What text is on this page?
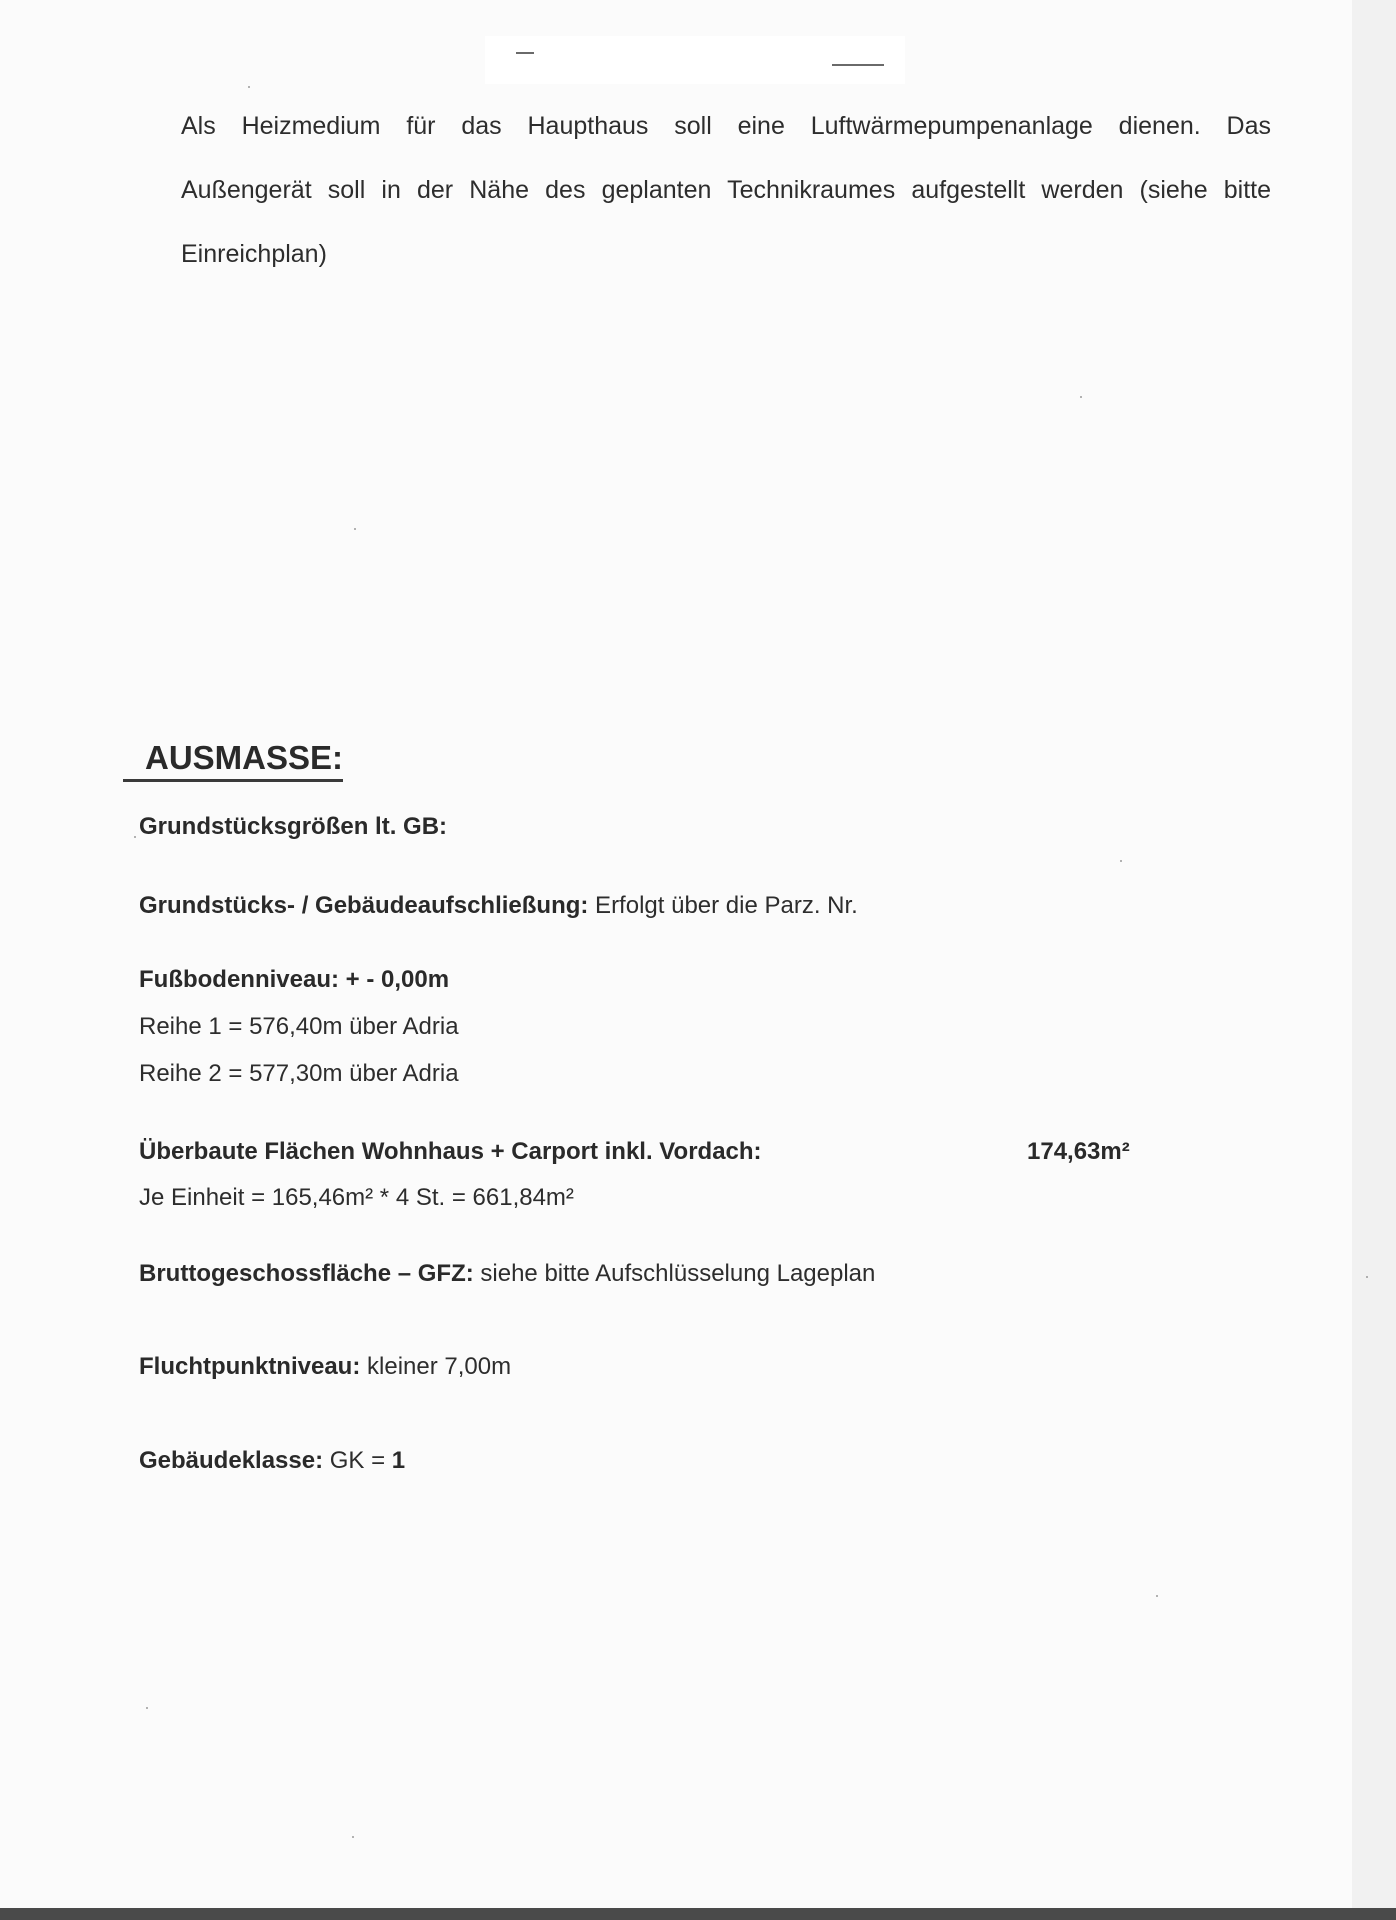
Als Heizmedium für das Haupthaus soll eine Luftwärmepumpenanlage dienen. Das
Außengerät soll in der Nähe des geplanten Technikraumes aufgestellt werden (siehe bitte
Einreichplan)
AUSMASSE:
Grundstücksgrößen lt. GB:
Grundstücks- / Gebäudeaufschließung: Erfolgt über die Parz. Nr.
Fußbodenniveau: + - 0,00m
Reihe 1 = 576,40m über Adria
Reihe 2 = 577,30m über Adria
Überbaute Flächen Wohnhaus + Carport inkl. Vordach:	174,63m²
Je Einheit = 165,46m² * 4 St. = 661,84m²
Bruttogeschossfläche – GFZ: siehe bitte Aufschlüsselung Lageplan
Fluchtpunktniveau: kleiner 7,00m
Gebäudeklasse: GK = 1
